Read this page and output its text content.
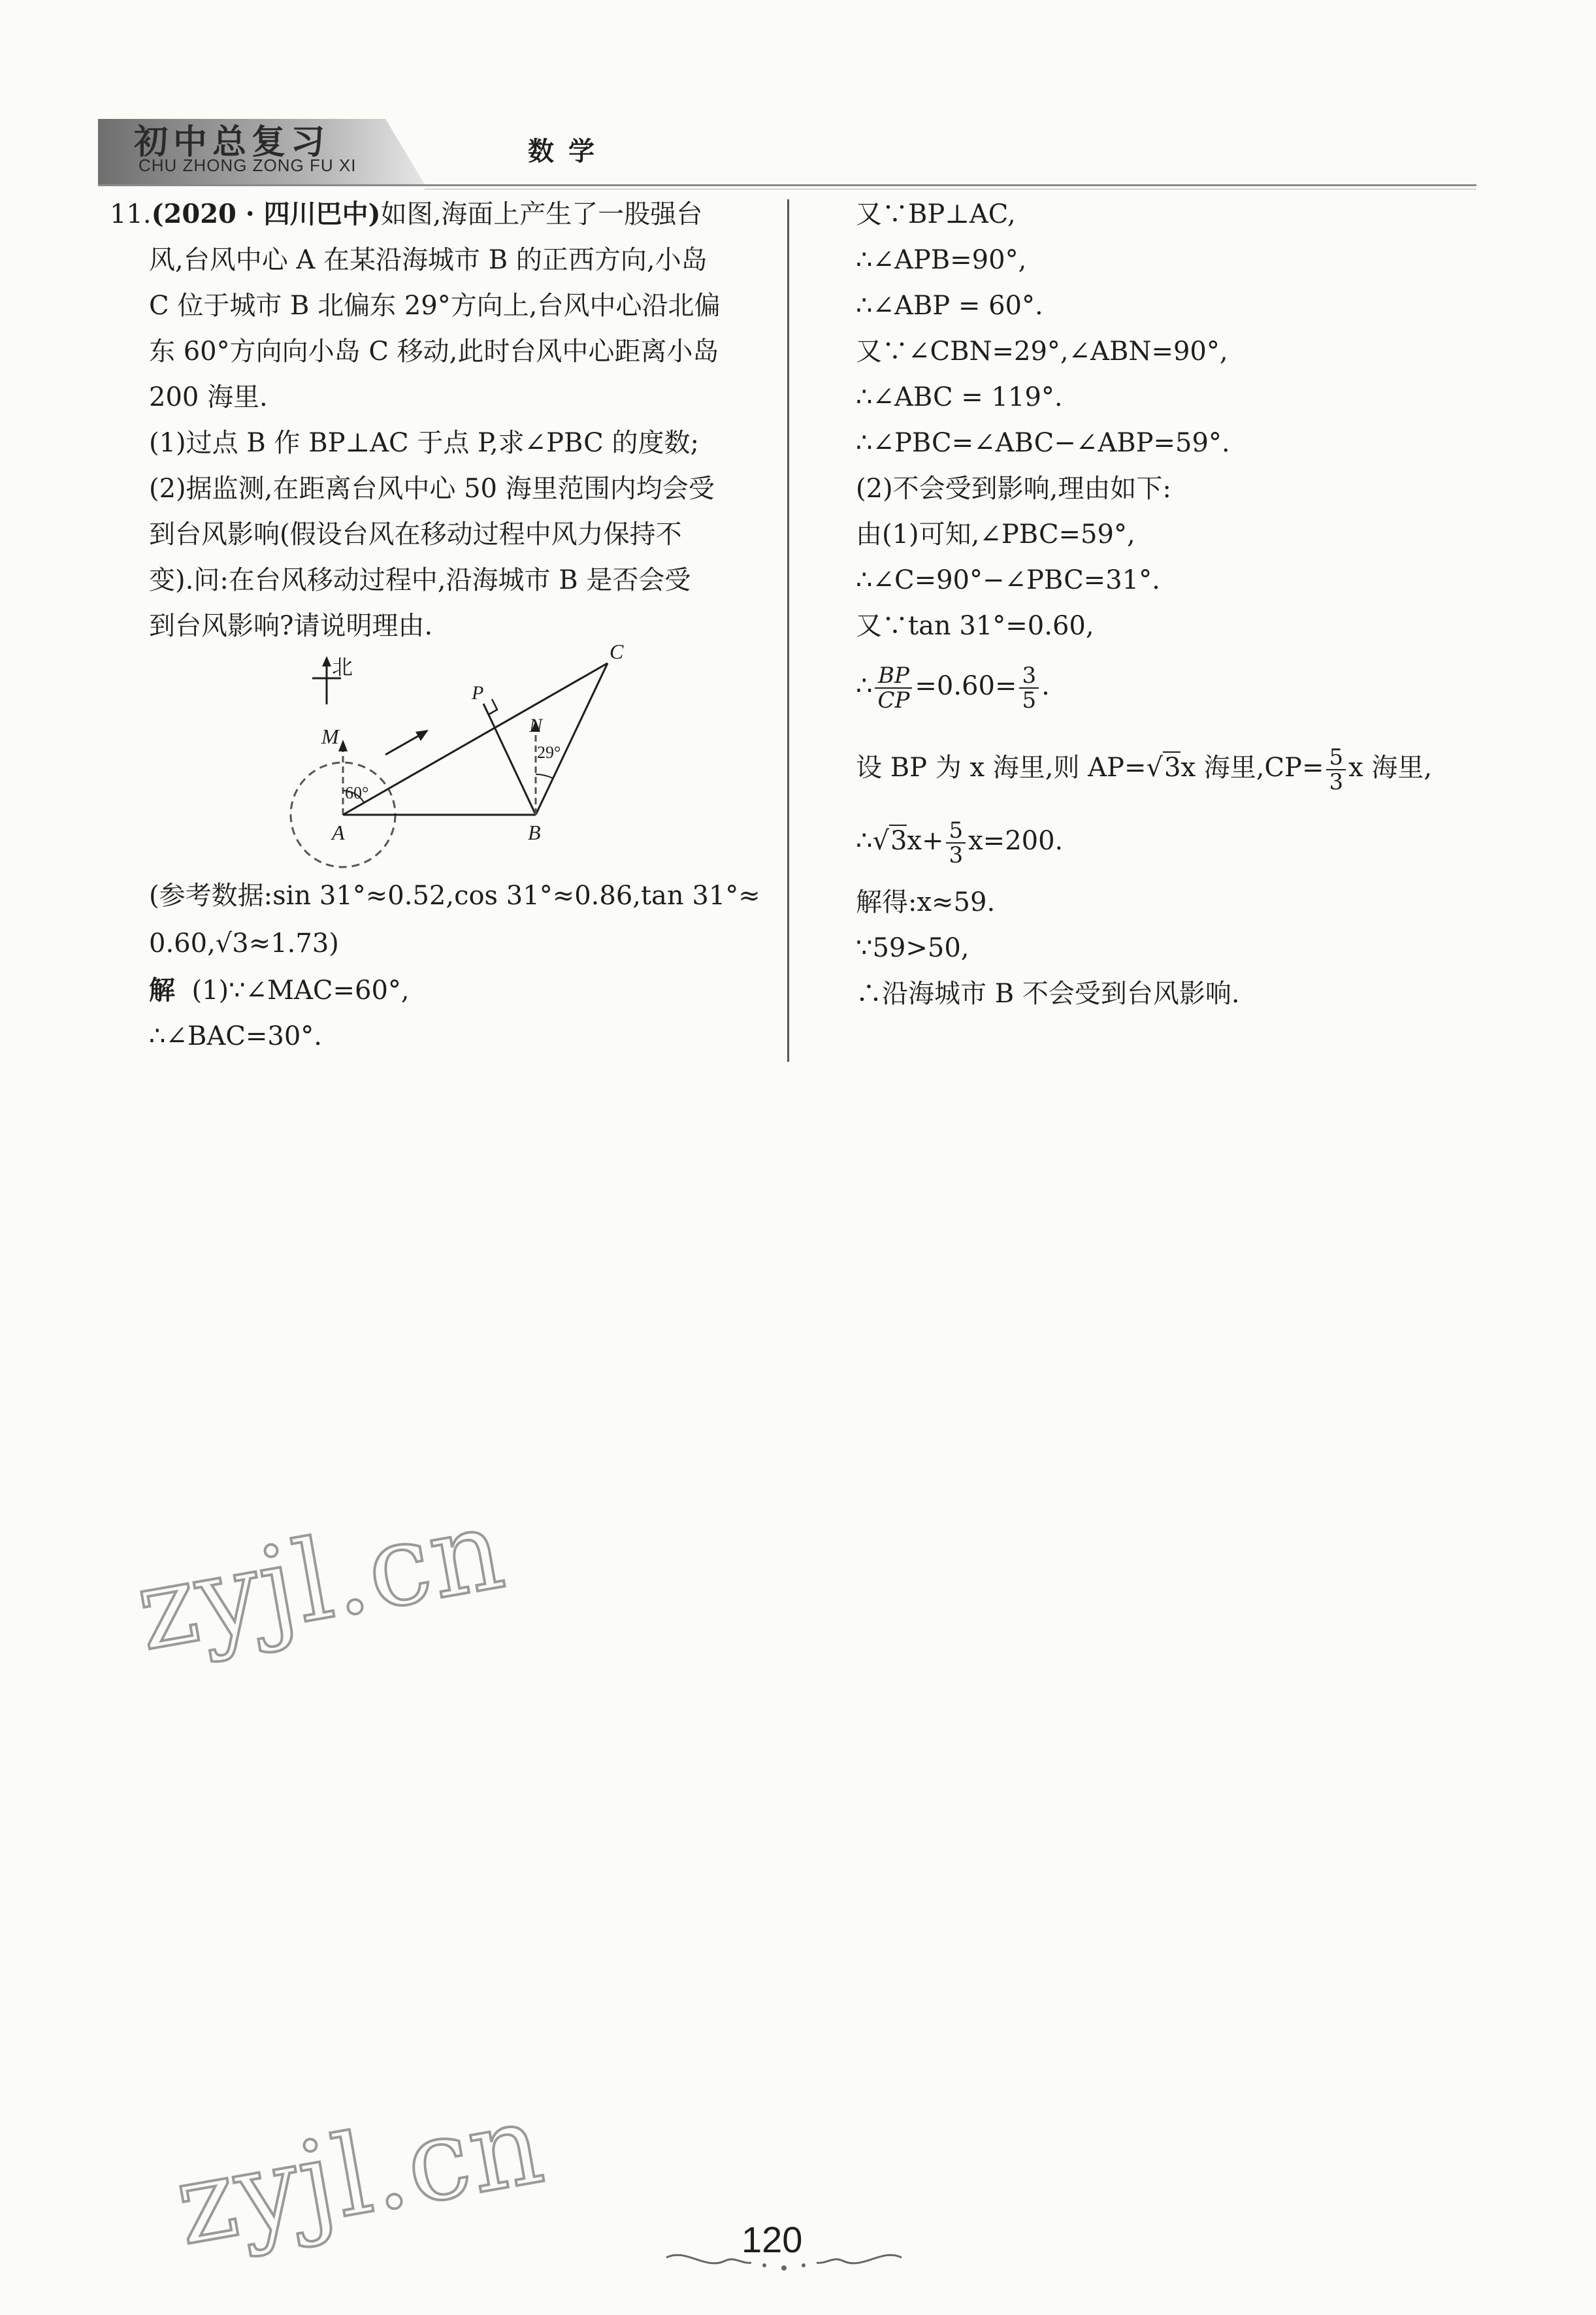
初中总复习
CHU ZHONG ZONG FU XI	数学
11.(2020 · 四川巴中)如图,海面上产生了一股强台
风,台风中心 A 在某沿海城市 B 的正西方向,小岛
C 位于城市 B 北偏东 29°方向上,台风中心沿北偏
东 60°方向向小岛 C 移动,此时台风中心距离小岛
200 海里.
(1)过点 B 作 BP⊥AC 于点 P,求∠PBC 的度数;
(2)据监测,在距离台风中心 50 海里范围内均会受
到台风影响(假设台风在移动过程中风力保持不
变).问:在台风移动过程中,沿海城市 B 是否会受
到台风影响?请说明理由.
北
M
A	B
C
P
N
60°
29°
(参考数据:sin 31°≈0.52,cos 31°≈0.86,tan 31°≈
0.60,√3≈1.73)
解 (1)∵∠MAC=60°,
∴∠BAC=30°.
又∵BP⊥AC,
∴∠APB=90°,
∴∠ABP = 60°.
又∵∠CBN=29°,∠ABN=90°,
∴∠ABC = 119°.
∴∠PBC=∠ABC−∠ABP=59°.
(2)不会受到影响,理由如下:
由(1)可知,∠PBC=59°,
∴∠C=90°−∠PBC=31°.
又∵tan 31°=0.60,
∴ $\frac{BP}{CP} =0.60= \frac{3}{5}$ .
设 BP 为 x 海里,则 AP=√3x 海里$,CP= \frac{5}{3}$ x 海里,
∴√3x+ $\frac{5}{3} x=200$.
解得:x≈59.
∵59>50,
∴沿海城市 B 不会受到台风影响.
zyjl.cn
zyjl.cn	120
